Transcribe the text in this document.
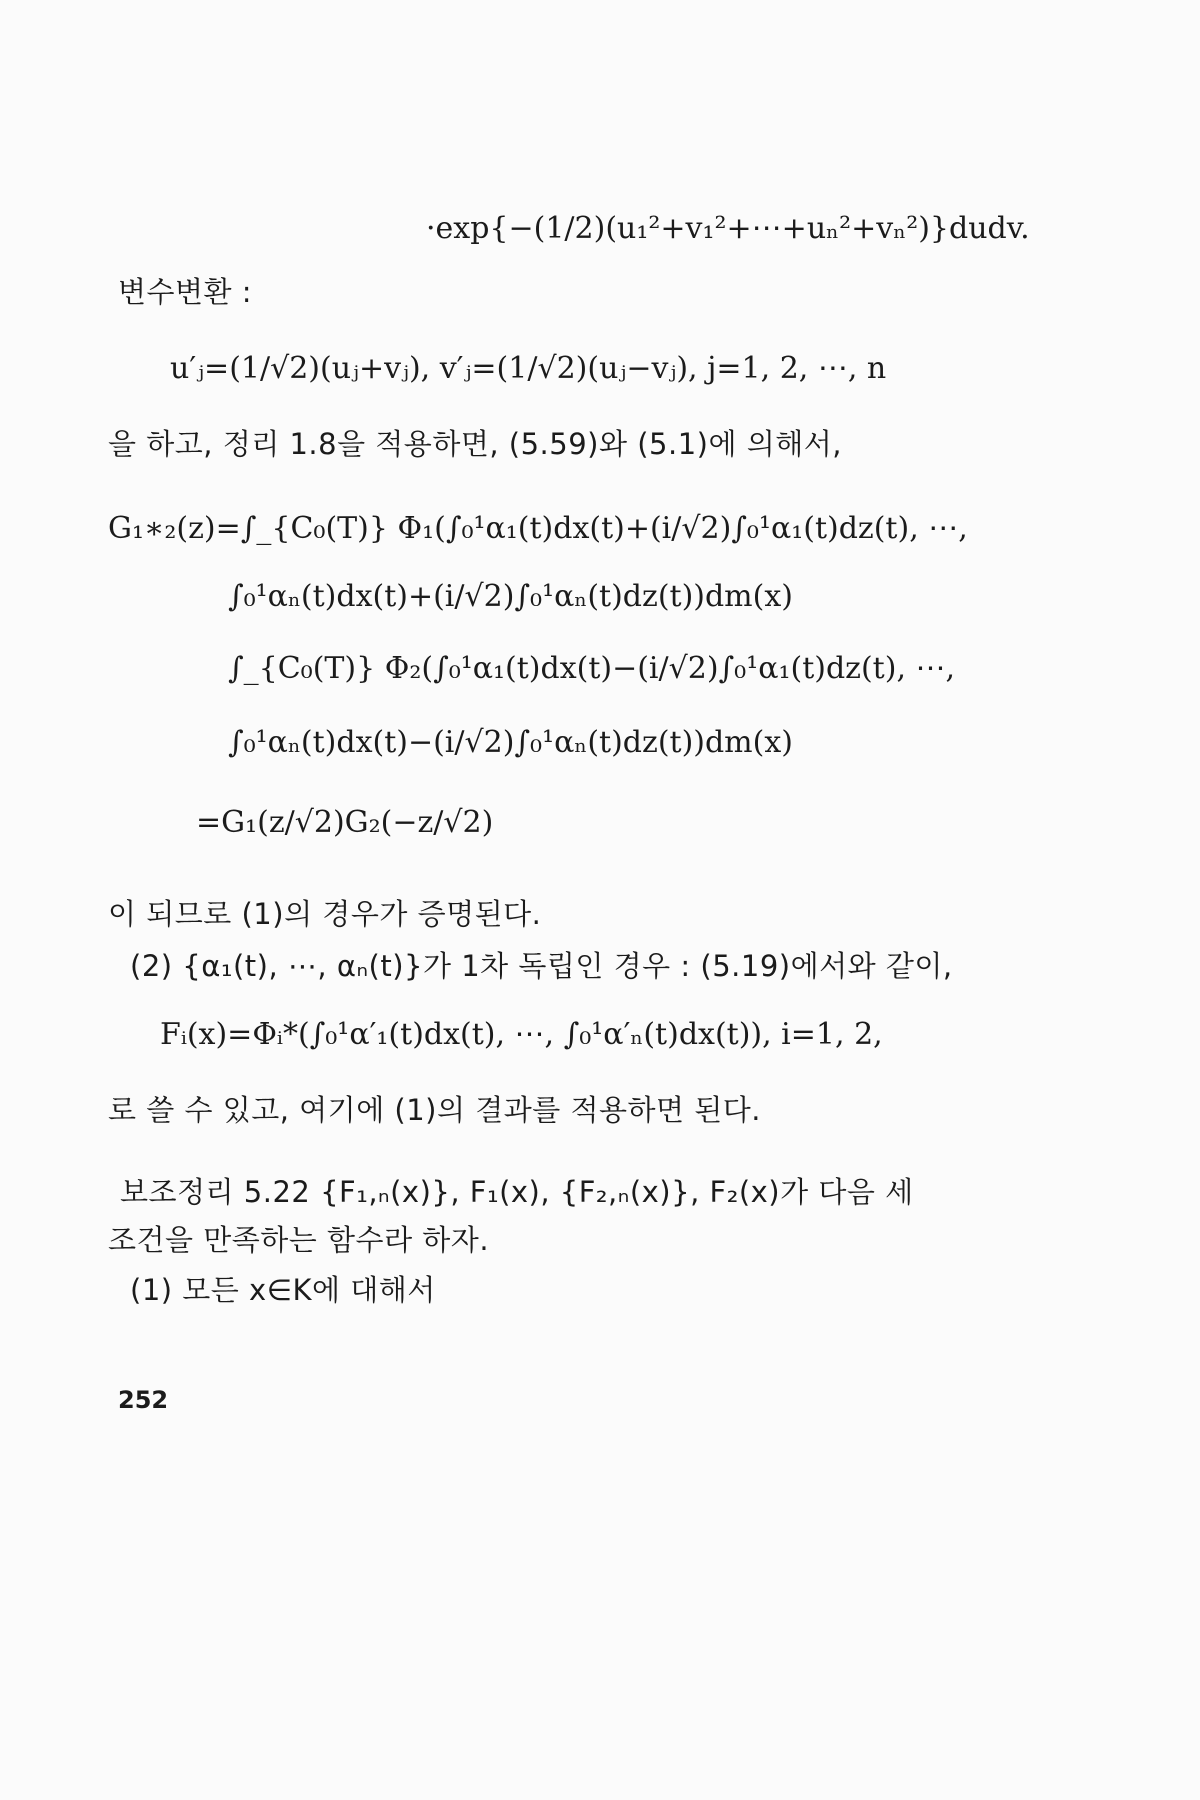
·exp{−(1/2)(u₁²+v₁²+⋯+uₙ²+vₙ²)}dudv.
변수변환 :
u′ⱼ=(1/√2)(uⱼ+vⱼ), v′ⱼ=(1/√2)(uⱼ−vⱼ), j=1, 2, ⋯, n
을 하고, 정리 1.8을 적용하면, (5.59)와 (5.1)에 의해서,
G₁∗₂(z)=∫_{C₀(T)} Φ₁(∫₀¹α₁(t)dx(t)+(i/√2)∫₀¹α₁(t)dz(t), ⋯,
∫₀¹αₙ(t)dx(t)+(i/√2)∫₀¹αₙ(t)dz(t))dm(x)
∫_{C₀(T)} Φ₂(∫₀¹α₁(t)dx(t)−(i/√2)∫₀¹α₁(t)dz(t), ⋯,
∫₀¹αₙ(t)dx(t)−(i/√2)∫₀¹αₙ(t)dz(t))dm(x)
=G₁(z/√2)G₂(−z/√2)
이 되므로 (1)의 경우가 증명된다.
(2) {α₁(t), ⋯, αₙ(t)}가 1차 독립인 경우 : (5.19)에서와 같이,
Fᵢ(x)=Φᵢ*(∫₀¹α′₁(t)dx(t), ⋯, ∫₀¹α′ₙ(t)dx(t)), i=1, 2,
로 쓸 수 있고, 여기에 (1)의 결과를 적용하면 된다.
보조정리 5.22 {F₁,ₙ(x)}, F₁(x), {F₂,ₙ(x)}, F₂(x)가 다음 세
조건을 만족하는 함수라 하자.
(1) 모든 x∈K에 대해서
252
